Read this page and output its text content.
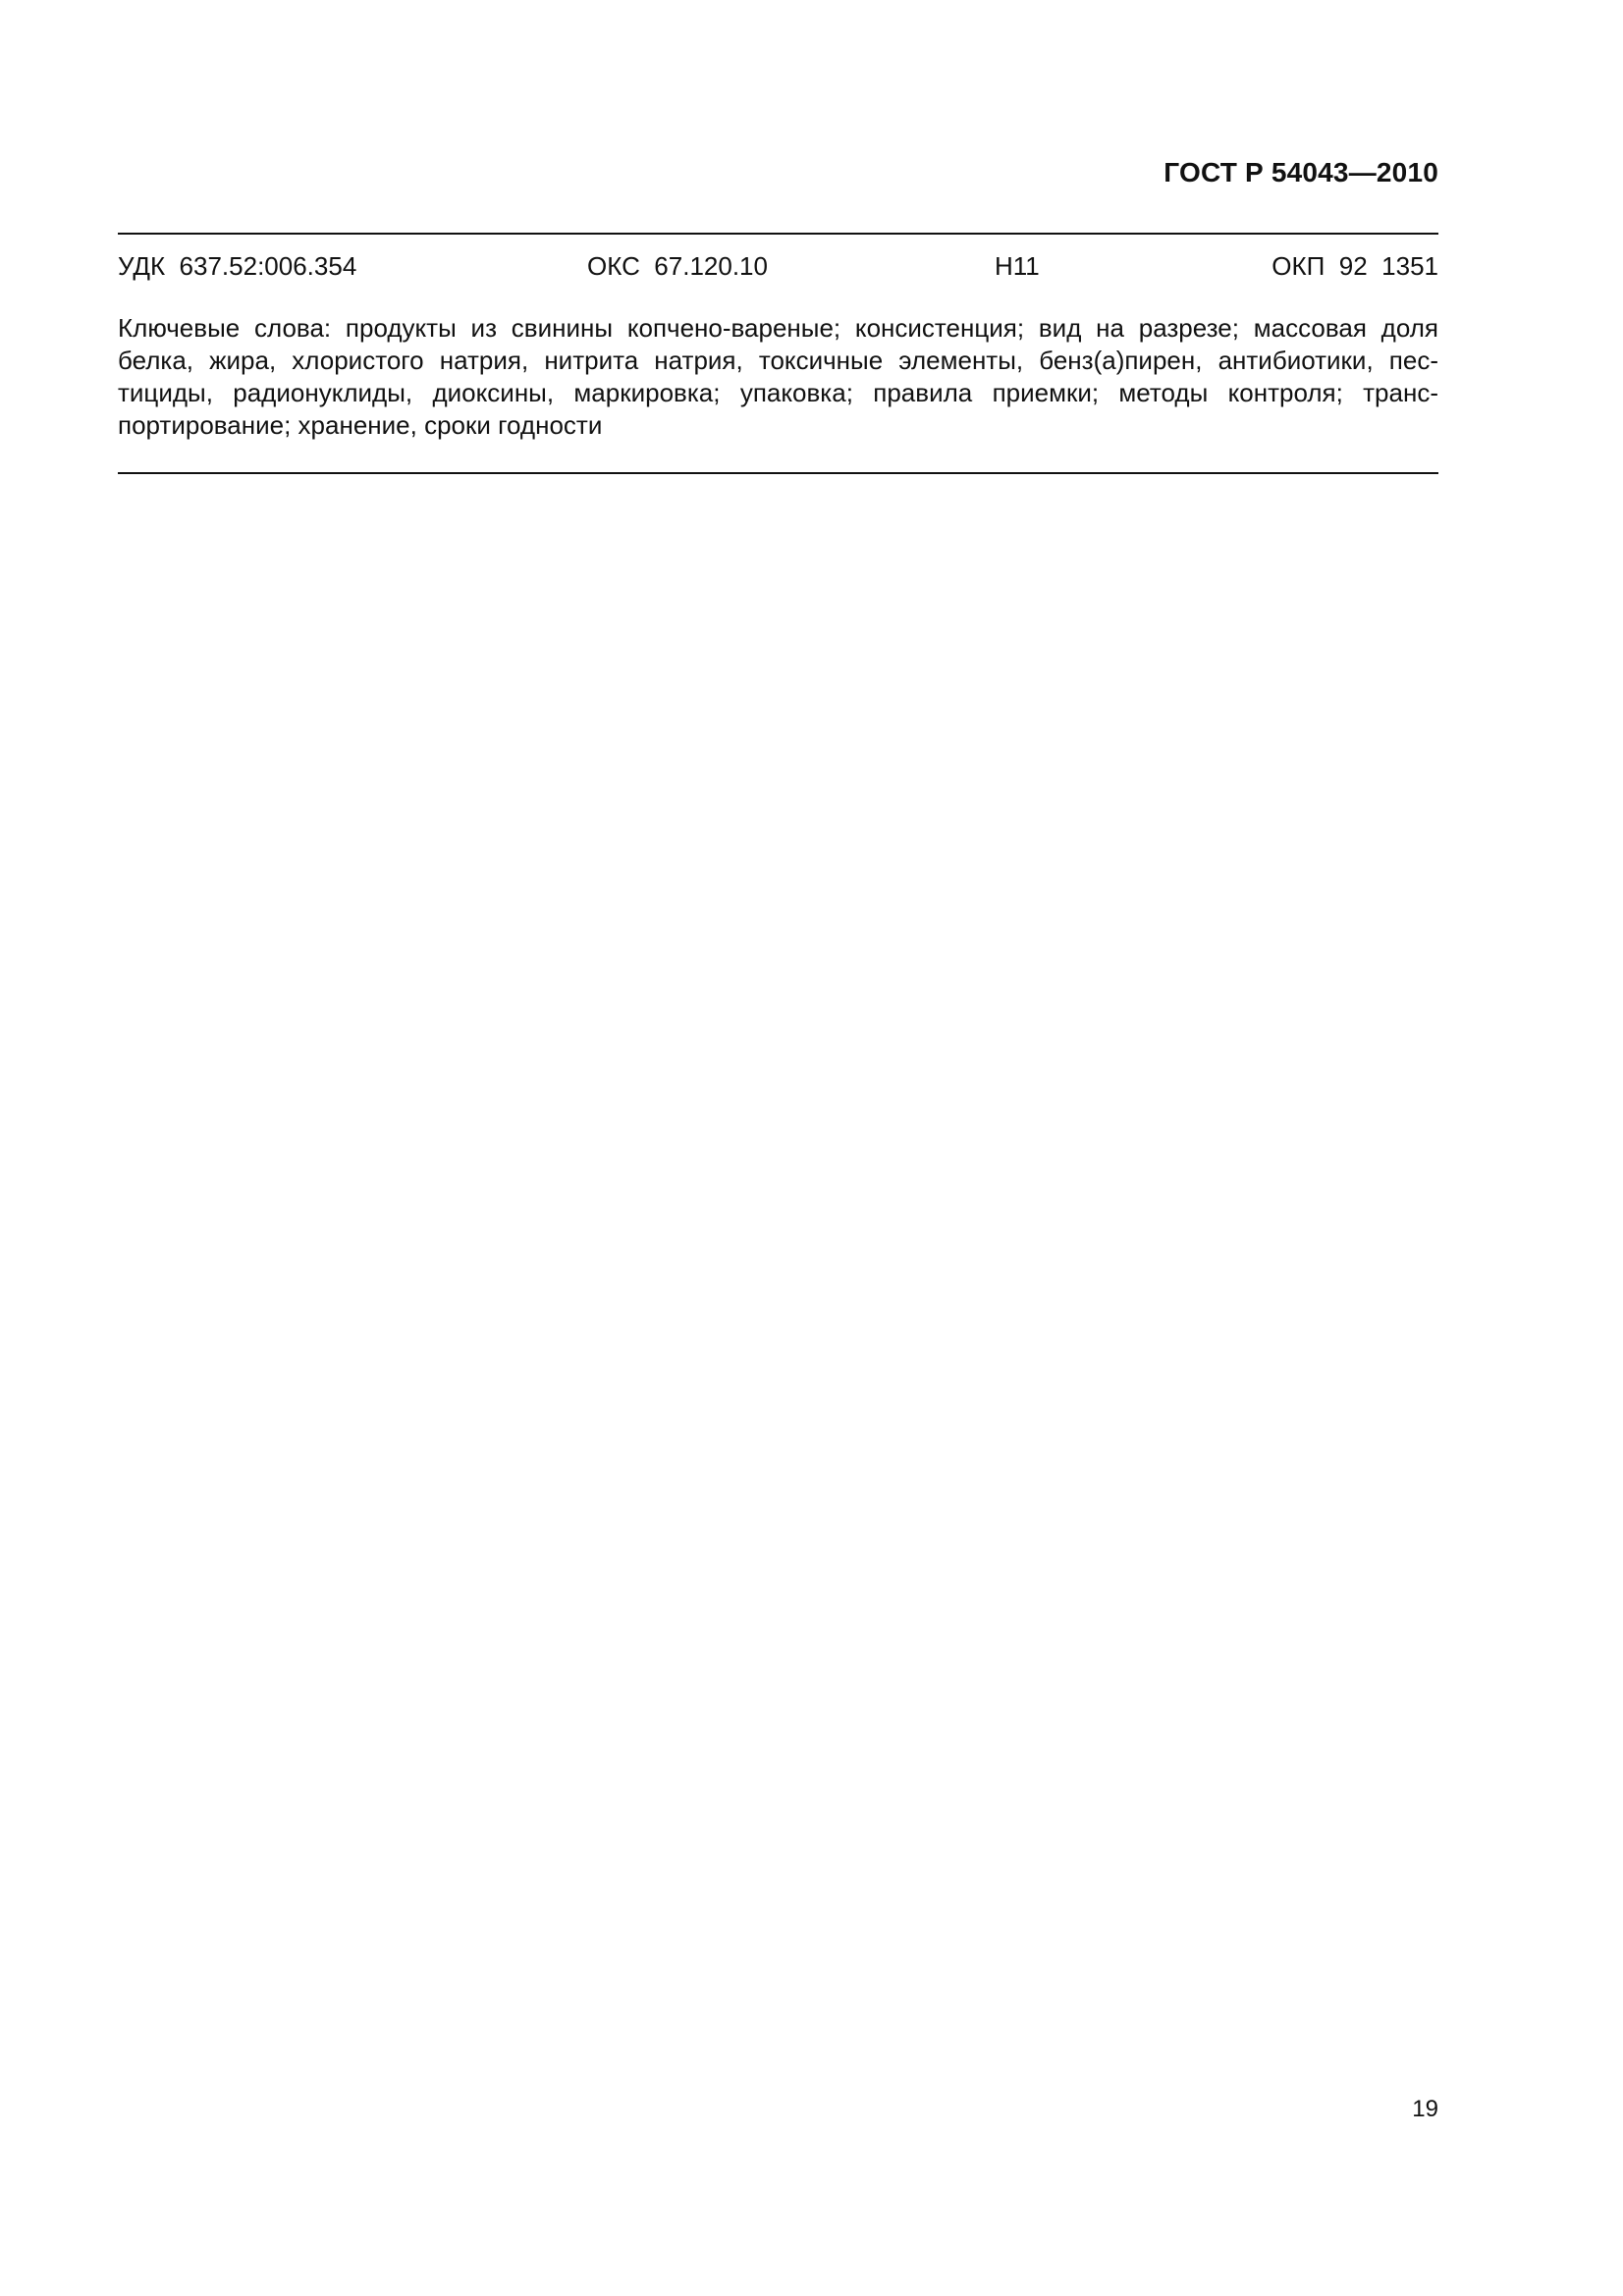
ГОСТ Р 54043—2010
УДК  637.52:006.354	ОКС  67.120.10	Н11	ОКП  92  1351
Ключевые слова: продукты из свинины копчено-вареные; консистенция; вид на разрезе; массовая доля
белка, жира, хлористого натрия, нитрита натрия, токсичные элементы, бенз(а)пирен, антибиотики, пес-
тициды, радионуклиды, диоксины, маркировка; упаковка; правила приемки; методы контроля; транс-
портирование; хранение, сроки годности
19
